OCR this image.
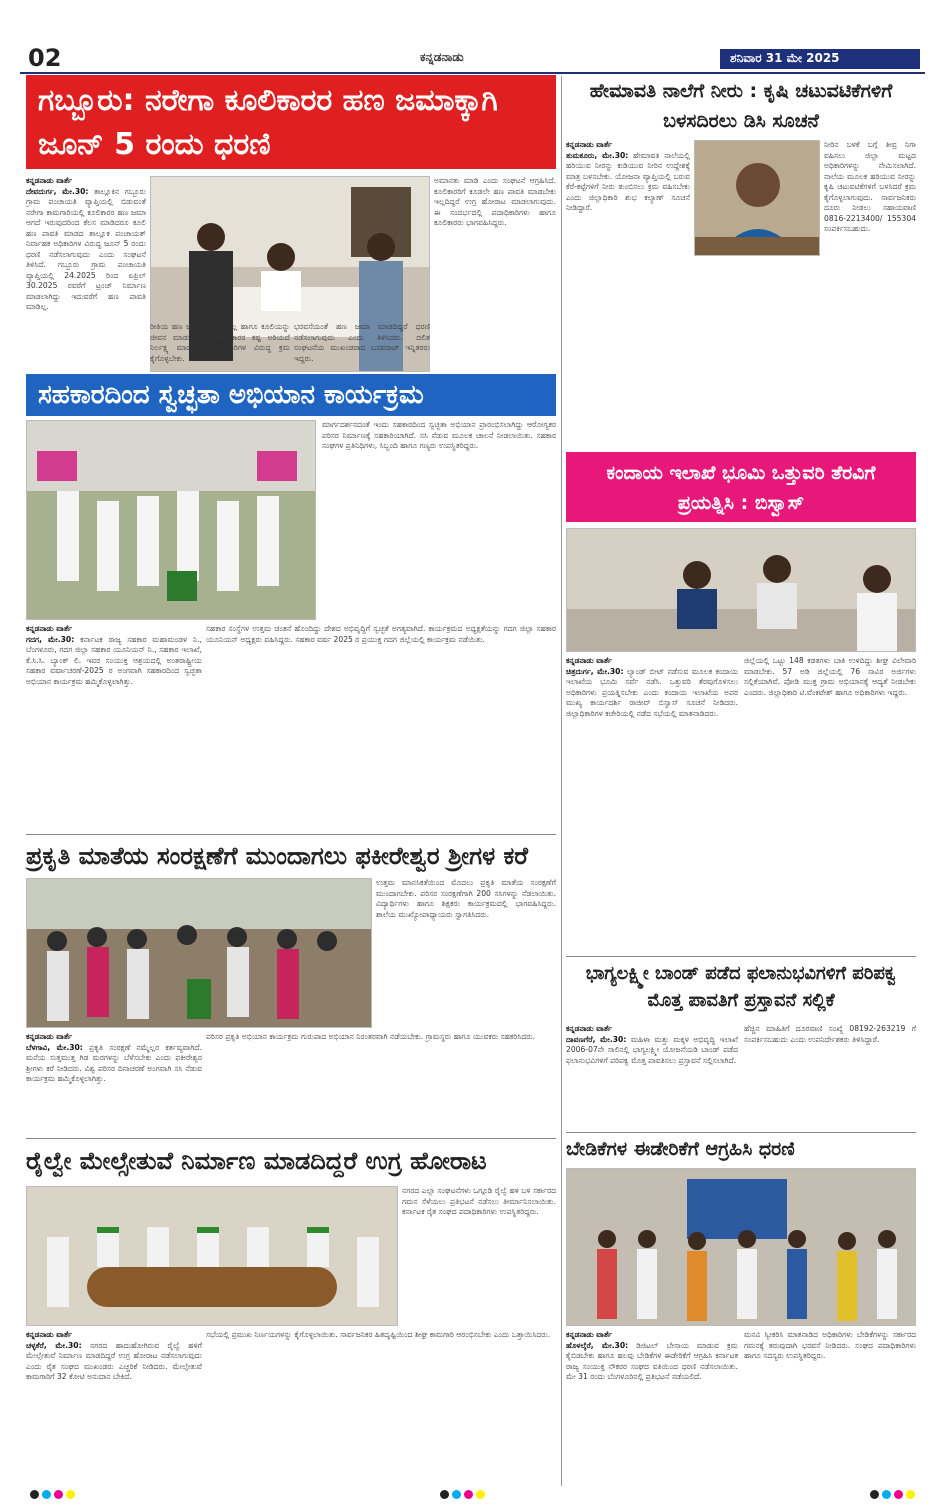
02	ಕನ್ನಡನಾಡು	ಶನಿವಾರ 31 ಮೇ 2025
ಗಬ್ಬೂರು: ನರೇಗಾ ಕೂಲಿಕಾರರ ಹಣ ಜಮಾಕ್ಕಾಗಿ ಜೂನ್ 5 ರಂದು ಧರಣಿ
ಕನ್ನಡನಾಡು ವಾರ್ತೆ
ದೇವದುರ್ಗ, ಮೇ.30: ತಾಲ್ಲೂಕಿನ ಗಬ್ಬೂರು ಗ್ರಾಮ ಪಂಚಾಯತಿ ವ್ಯಾಪ್ತಿಯಲ್ಲಿ ಬಿಡುವಂತೆ ನರೇಗಾ ಕಾಮಗಾರಿಯಲ್ಲಿ ಕೂಲಿಕಾರರ ಹಣ ಜಮಾ ಆಗದೆ ಇರುವುದರಿಂದ ಕೆಲಸ ಮಾಡಿದರೂ ಕೂಲಿ ಹಣ ಪಾವತಿ ಮಾಡದ ತಾಲ್ಲೂಕ ಪಂಚಾಯತ್ ನಿರ್ವಾಹಕ ಅಧಿಕಾರಿಗಳ ವಿರುದ್ಧ ಜೂನ್ 5 ರಂದು ಧರಣಿ ನಡೆಸಲಾಗುವುದು ಎಂದು ಸಂಘಟನೆ ತಿಳಿಸಿದೆ. ಗಬ್ಬೂರು ಗ್ರಾಮ ಪಂಚಾಯತಿ ವ್ಯಾಪ್ತಿಯಲ್ಲಿ 24.2025 ರಿಂದ ಏಪ್ರಿಲ್ 30.2025 ರವರೆಗೆ ಟ್ರಂಚ್ ನಿರ್ಮಾಣ ಮಾಡಲಾಗಿದ್ದು ಇದುವರೆಗೆ ಹಣ ಪಾವತಿ ಮಾಡಿಲ್ಲ.
ಅಮಾನತು ಮಾಡಿ ಎಂದು ಸಂಘಟನೆ ಆಗ್ರಹಿಸಿದೆ. ಕೂಲಿಕಾರರಿಗೆ ಕೂಡಲೇ ಹಣ ಪಾವತಿ ಮಾಡಬೇಕು ಇಲ್ಲದಿದ್ದರೆ ಉಗ್ರ ಹೋರಾಟ ಮಾಡಲಾಗುವುದು. ಈ ಸಂದರ್ಭದಲ್ಲಿ ಪದಾಧಿಕಾರಿಗಳು ಹಾಗೂ ಕೂಲಿಕಾರರು ಭಾಗವಹಿಸಿದ್ದರು.
ರೀತಿಯ ಹಣ ಜಮಾ ಆಗಿರುವುದಿಲ್ಲ ಹಾಗೂ ಕೂಲಿಯನ್ನು ಜೀವನ ಮಾಡುವ ಬಡ ಕೂಲಿಕಾರರ ಕಷ್ಟ ಅರಿಯದೆ ನಿರ್ಲಕ್ಷ್ಯ ಮಾಡುತ್ತಿರುವ ಅಧಿಕಾರಿಗಳ ವಿರುದ್ಧ ಕ್ರಮ ಕೈಗೊಳ್ಳಬೇಕು.
ಭರವಸೆಯಂತೆ ಹಣ ಜಮಾ ಮಾಡದಿದ್ದರೆ ಧರಣಿ ನಡೆಸಲಾಗುವುದು ಎಂದು ತಿಳಿಸಿದರು. ದಲಿತ ಸಂಘಟನೆಯ ಮುಖಂಡರಾದ ಬಸವರಾಜ್ ಇನ್ನಿತರರು ಇದ್ದರು.
ಹೇಮಾವತಿ ನಾಲೆಗೆ ನೀರು : ಕೃಷಿ ಚಟುವಟಿಕೆಗಳಿಗೆ ಬಳಸದಿರಲು ಡಿಸಿ ಸೂಚನೆ
ಕನ್ನಡನಾಡು ವಾರ್ತೆ
ತುಮಕೂರು, ಮೇ.30: ಹೇಮಾವತಿ ನಾಲೆಯಲ್ಲಿ ಹರಿಯುವ ನೀರನ್ನು ಕುಡಿಯುವ ನೀರಿನ ಉದ್ದೇಶಕ್ಕೆ ಮಾತ್ರ ಬಳಸಬೇಕು. ಯೋಜನಾ ವ್ಯಾಪ್ತಿಯಲ್ಲಿ ಬರುವ ಕೆರೆ-ಕಟ್ಟೆಗಳಿಗೆ ನೀರು ತುಂಬಿಸಲು ಕ್ರಮ ವಹಿಸಬೇಕು ಎಂದು ಜಿಲ್ಲಾಧಿಕಾರಿ ಶುಭ ಕಲ್ಯಾಣ್ ಸೂಚನೆ ನೀಡಿದ್ದಾರೆ.
ನೀರಿನ ಬಳಕೆ ಬಗ್ಗೆ ತೀವ್ರ ನಿಗಾ ವಹಿಸಲು ಜಿಲ್ಲಾ ಮಟ್ಟದ ಅಧಿಕಾರಿಗಳನ್ನು ನೇಮಿಸಲಾಗಿದೆ. ನಾಲೆಯ ಮೂಲಕ ಹರಿಯುವ ನೀರನ್ನು ಕೃಷಿ ಚಟುವಟಿಕೆಗಳಿಗೆ ಬಳಸಿದರೆ ಕ್ರಮ ಕೈಗೊಳ್ಳಲಾಗುವುದು. ಸಾರ್ವಜನಿಕರು ದೂರು ನೀಡಲು ಸಹಾಯವಾಣಿ 0816-2213400/ 155304 ಸಂಪರ್ಕಿಸಬಹುದು.
ಸಹಕಾರದಿಂದ ಸ್ವಚ್ಛತಾ ಅಭಿಯಾನ ಕಾರ್ಯಕ್ರಮ
ಮಾರ್ಗದರ್ಶನದಂತೆ ಇಂದು ಸಹಕಾರದಿಂದ ಸ್ವಚ್ಛತಾ ಅಭಿಯಾನ ಪ್ರಾರಂಭಿಸಲಾಗಿದ್ದು ಆರೋಗ್ಯಕರ ಪರಿಸರ ನಿರ್ಮಾಣಕ್ಕೆ ಸಹಕಾರಿಯಾಗಿದೆ. ಸಸಿ ನೆಡುವ ಮೂಲಕ ಚಾಲನೆ ನೀಡಲಾಯಿತು. ಸಹಕಾರ ಸಂಘಗಳ ಪ್ರತಿನಿಧಿಗಳು, ಸಿಬ್ಬಂದಿ ಹಾಗೂ ಗಣ್ಯರು ಉಪಸ್ಥಿತರಿದ್ದರು.
ಕನ್ನಡನಾಡು ವಾರ್ತೆ
ಗದಗ, ಮೇ.30: ಕರ್ನಾಟಕ ರಾಜ್ಯ ಸಹಕಾರ ಮಹಾಮಂಡಳ ನಿ., ಬೆಂಗಳೂರು, ಗದಗ ಜಿಲ್ಲಾ ಸಹಕಾರ ಯೂನಿಯನ್ ನಿ., ಸಹಕಾರ ಇಲಾಖೆ, ಕೆ.ಸಿ.ಸಿ. ಬ್ಯಾಂಕ್ ಲಿ. ಇವರ ಸಂಯುಕ್ತ ಆಶ್ರಯದಲ್ಲಿ ಅಂತರಾಷ್ಟ್ರೀಯ ಸಹಕಾರ ವರ್ಷಾಚರಣೆ-2025 ರ ಅಂಗವಾಗಿ ಸಹಕಾರದಿಂದ ಸ್ವಚ್ಛತಾ ಅಭಿಯಾನ ಕಾರ್ಯಕ್ರಮ ಹಮ್ಮಿಕೊಳ್ಳಲಾಗಿತ್ತು.
ಸಹಕಾರ ಸಂಸ್ಥೆಗಳ ಉತ್ತಮ ಚಿಂತನೆ ಹೊಂದಿದ್ದು ದೇಶದ ಅಭಿವೃದ್ಧಿಗೆ ಸ್ವಚ್ಛತೆ ಅಗತ್ಯವಾಗಿದೆ. ಕಾರ್ಯಕ್ರಮದ ಅಧ್ಯಕ್ಷತೆಯನ್ನು ಗದಗ ಜಿಲ್ಲಾ ಸಹಕಾರ ಯೂನಿಯನ್ ಅಧ್ಯಕ್ಷರು ವಹಿಸಿದ್ದರು. ಸಹಕಾರ ವರ್ಷ 2025 ರ ಪ್ರಯುಕ್ತ ಗದಗ ಜಿಲ್ಲೆಯಲ್ಲಿ ಕಾರ್ಯಕ್ರಮ ನಡೆಯಿತು.
ಕಂದಾಯ ಇಲಾಖೆ ಭೂಮಿ ಒತ್ತುವರಿ ತೆರವಿಗೆ ಪ್ರಯತ್ನಿಸಿ : ಬಿಸ್ವಾಸ್
ಕನ್ನಡನಾಡು ವಾರ್ತೆ
ಚಿತ್ರದುರ್ಗ, ಮೇ.30: ಲ್ಯಾಂಡ್ ಬೀಟ್ ನಡೆಸುವ ಮೂಲಕ ಕಂದಾಯ ಇಲಾಖೆಯ ಭೂಮಿ ಸರ್ವೆ ನಡೆಸಿ. ಒತ್ತುವರಿ ತೆರವುಗೊಳಿಸಲು ಅಧಿಕಾರಿಗಳು ಪ್ರಯತ್ನಿಸಬೇಕು ಎಂದು ಕಂದಾಯ ಇಲಾಖೆಯ ಅಪರ ಮುಖ್ಯ ಕಾರ್ಯದರ್ಶಿ ರಾಜೀವ್ ಬಿಸ್ವಾಸ್ ಸೂಚನೆ ನೀಡಿದರು. ಜಿಲ್ಲಾಧಿಕಾರಿಗಳ ಕಚೇರಿಯಲ್ಲಿ ನಡೆದ ಸಭೆಯಲ್ಲಿ ಮಾತನಾಡಿದರು.
ಜಿಲ್ಲೆಯಲ್ಲಿ ಒಟ್ಟು 148 ಕಡತಗಳು ಬಾಕಿ ಉಳಿದಿದ್ದು ಶೀಘ್ರ ವಿಲೇವಾರಿ ಮಾಡಬೇಕು. 57 ಅಡಿ ಜಿಲ್ಲೆಯಲ್ಲಿ 76 ಸಾವಿರ ಅರ್ಜಿಗಳು ಸಲ್ಲಿಕೆಯಾಗಿವೆ. ಪೋಡಿ ಮುಕ್ತ ಗ್ರಾಮ ಅಭಿಯಾನಕ್ಕೆ ಆದ್ಯತೆ ನೀಡಬೇಕು ಎಂದರು. ಜಿಲ್ಲಾಧಿಕಾರಿ ಟಿ.ವೆಂಕಟೇಶ್ ಹಾಗೂ ಅಧಿಕಾರಿಗಳು ಇದ್ದರು.
ಪ್ರಕೃತಿ ಮಾತೆಯ ಸಂರಕ್ಷಣೆಗೆ ಮುಂದಾಗಲು ಫಕೀರೇಶ್ವರ ಶ್ರೀಗಳ ಕರೆ
ಉತ್ತಮ ಮಾನಸಿಕತೆಯಿಂದ ಮೊದಲು ಪ್ರಕೃತಿ ಮಾತೆಯ ಸಂರಕ್ಷಣೆಗೆ ಮುಂದಾಗಬೇಕು. ಪರಿಸರ ಸಂರಕ್ಷಣೆಗಾಗಿ 200 ಸಸಿಗಳನ್ನು ನೆಡಲಾಯಿತು. ವಿದ್ಯಾರ್ಥಿಗಳು ಹಾಗೂ ಶಿಕ್ಷಕರು ಕಾರ್ಯಕ್ರಮದಲ್ಲಿ ಭಾಗವಹಿಸಿದ್ದರು. ಶಾಲೆಯ ಮುಖ್ಯೋಪಾಧ್ಯಾಯರು ಸ್ವಾಗತಿಸಿದರು.
ಕನ್ನಡನಾಡು ವಾರ್ತೆ
ಬೆಳಗಾವಿ, ಮೇ.30: ಪ್ರಕೃತಿ ಸಂರಕ್ಷಣೆ ನಮ್ಮೆಲ್ಲರ ಕರ್ತವ್ಯವಾಗಿದೆ. ಮನೆಯ ಸುತ್ತಮುತ್ತ ಗಿಡ ಮರಗಳನ್ನು ಬೆಳೆಸಬೇಕು ಎಂದು ಫಕೀರೇಶ್ವರ ಶ್ರೀಗಳು ಕರೆ ನೀಡಿದರು. ವಿಶ್ವ ಪರಿಸರ ದಿನಾಚರಣೆ ಅಂಗವಾಗಿ ಸಸಿ ನೆಡುವ ಕಾರ್ಯಕ್ರಮ ಹಮ್ಮಿಕೊಳ್ಳಲಾಗಿತ್ತು.
ಪರಿಸರ ಪ್ರಕೃತಿ ಅಭಿಯಾನ ಕಾರ್ಯಕ್ರಮ ಗುರುಪಾದ ಅಭಿಯಾನ ನಿರಂತರವಾಗಿ ನಡೆಯಬೇಕು. ಗ್ರಾಮಸ್ಥರು ಹಾಗೂ ಯುವಕರು ಸಹಕರಿಸಿದರು.
ಭಾಗ್ಯಲಕ್ಷ್ಮೀ ಬಾಂಡ್ ಪಡೆದ ಫಲಾನುಭವಿಗಳಿಗೆ ಪರಿಪಕ್ವ ಮೊತ್ತ ಪಾವತಿಗೆ ಪ್ರಸ್ತಾವನೆ ಸಲ್ಲಿಕೆ
ಕನ್ನಡನಾಡು ವಾರ್ತೆ
ದಾವಣಗೆರೆ, ಮೇ.30: ಮಹಿಳಾ ಮತ್ತು ಮಕ್ಕಳ ಅಭಿವೃದ್ಧಿ ಇಲಾಖೆ 2006-07ನೇ ಸಾಲಿನಲ್ಲಿ ಭಾಗ್ಯಲಕ್ಷ್ಮೀ ಯೋಜನೆಯಡಿ ಬಾಂಡ್ ಪಡೆದ ಫಲಾನುಭವಿಗಳಿಗೆ ಪರಿಪಕ್ವ ಮೊತ್ತ ಪಾವತಿಸಲು ಪ್ರಸ್ತಾವನೆ ಸಲ್ಲಿಸಲಾಗಿದೆ.
ಹೆಚ್ಚಿನ ಮಾಹಿತಿಗೆ ದೂರವಾಣಿ ಸಂಖ್ಯೆ 08192-263219 ಗೆ ಸಂಪರ್ಕಿಸಬಹುದು ಎಂದು ಉಪನಿರ್ದೇಶಕರು ತಿಳಿಸಿದ್ದಾರೆ.
ರೈಲ್ವೇ ಮೇಲ್ಸೇತುವೆ ನಿರ್ಮಾಣ ಮಾಡದಿದ್ದರೆ ಉಗ್ರ ಹೋರಾಟ
ನಗರದ ಎಲ್ಲಾ ಸಂಘಟನೆಗಳು ಒಗ್ಗೂಡಿ ರೈಲ್ವೆ ಹಳಿ ಬಳಿ ಸರ್ಕಾರದ ಗಮನ ಸೆಳೆಯಲು ಪ್ರತಿಭಟನೆ ನಡೆಸಲು ತೀರ್ಮಾನಿಸಲಾಯಿತು. ಕರ್ನಾಟಕ ರೈತ ಸಂಘದ ಪದಾಧಿಕಾರಿಗಳು ಉಪಸ್ಥಿತರಿದ್ದರು.
ಕನ್ನಡನಾಡು ವಾರ್ತೆ
ಚಳ್ಳಕೆರೆ, ಮೇ.30: ನಗರದ ಹಾದುಹೋಗಿರುವ ರೈಲ್ವೆ ಹಳಿಗೆ ಮೇಲ್ಸೇತುವೆ ನಿರ್ಮಾಣ ಮಾಡದಿದ್ದರೆ ಉಗ್ರ ಹೋರಾಟ ನಡೆಸಲಾಗುವುದು ಎಂದು ರೈತ ಸಂಘದ ಮುಖಂಡರು ಎಚ್ಚರಿಕೆ ನೀಡಿದರು. ಮೇಲ್ಸೇತುವೆ ಕಾಮಗಾರಿಗೆ 32 ಕೋಟಿ ಅನುದಾನ ಬೇಕಿದೆ.
ಸಭೆಯಲ್ಲಿ ಪ್ರಮುಖ ನಿರ್ಣಯಗಳನ್ನು ಕೈಗೊಳ್ಳಲಾಯಿತು. ಸಾರ್ವಜನಿಕರ ಹಿತದೃಷ್ಟಿಯಿಂದ ಶೀಘ್ರ ಕಾಮಗಾರಿ ಆರಂಭಿಸಬೇಕು ಎಂದು ಒತ್ತಾಯಿಸಿದರು.
ಬೇಡಿಕೆಗಳ ಈಡೇರಿಕೆಗೆ ಆಗ್ರಹಿಸಿ ಧರಣಿ
ಕನ್ನಡನಾಡು ವಾರ್ತೆ
ಹೊಳಲ್ಕೆರೆ, ಮೇ.30: ಡಿಜಿಟಲ್ ಬೇಸಾಯ ಮಾಡುವ ಕ್ರಮ ಕೈಬಿಡಬೇಕು ಹಾಗೂ ಹಲವು ಬೇಡಿಕೆಗಳ ಈಡೇರಿಕೆಗೆ ಆಗ್ರಹಿಸಿ ಕರ್ನಾಟಕ ರಾಜ್ಯ ಸಂಯುಕ್ತ ನೌಕರರ ಸಂಘದ ವತಿಯಿಂದ ಧರಣಿ ನಡೆಸಲಾಯಿತು. ಮೇ 31 ರಂದು ಬೆಂಗಳೂರಿನಲ್ಲಿ ಪ್ರತಿಭಟನೆ ನಡೆಯಲಿದೆ.
ಮನವಿ ಸ್ವೀಕರಿಸಿ ಮಾತನಾಡಿದ ಅಧಿಕಾರಿಗಳು ಬೇಡಿಕೆಗಳನ್ನು ಸರ್ಕಾರದ ಗಮನಕ್ಕೆ ತರುವುದಾಗಿ ಭರವಸೆ ನೀಡಿದರು. ಸಂಘದ ಪದಾಧಿಕಾರಿಗಳು ಹಾಗೂ ಸದಸ್ಯರು ಉಪಸ್ಥಿತರಿದ್ದರು.
